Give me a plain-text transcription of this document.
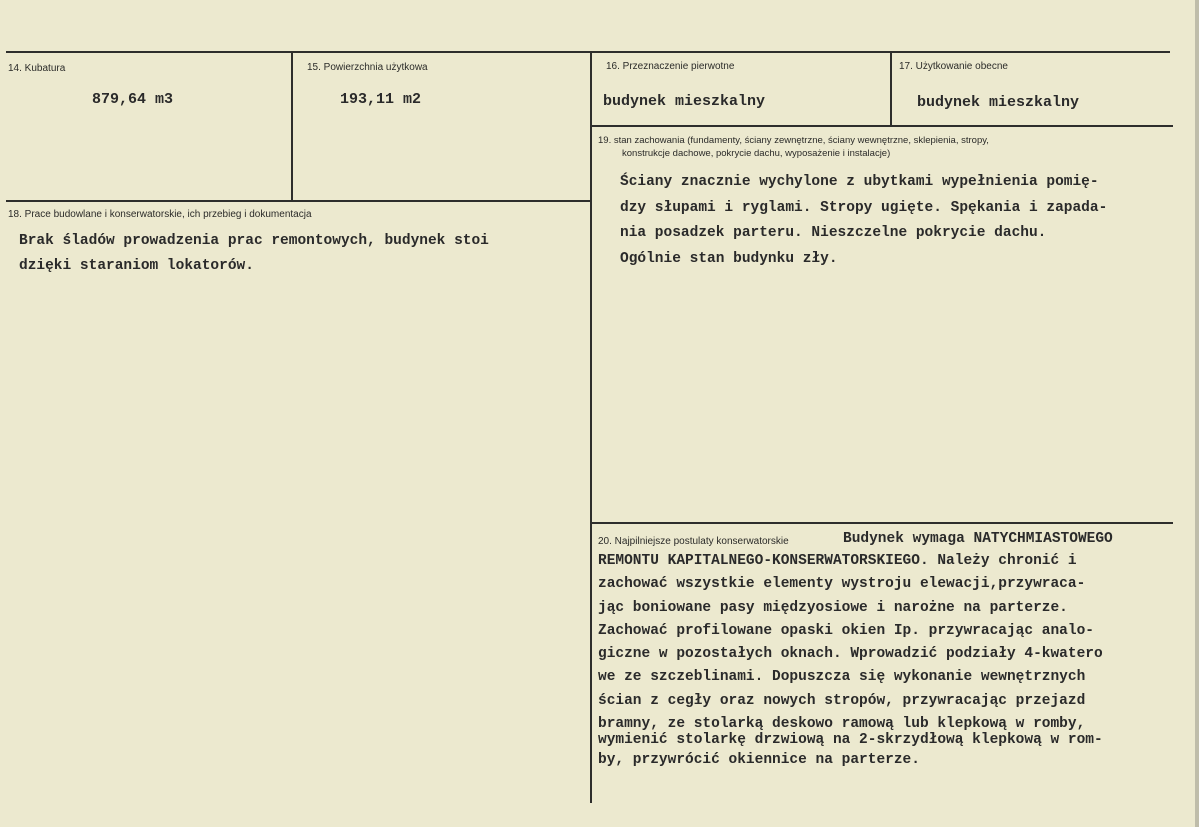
14. Kubatura
879,64 m3
15. Powierzchnia użytkowa
193,11 m2
16. Przeznaczenie pierwotne
budynek mieszkalny
17. Użytkowanie obecne
budynek mieszkalny
18. Prace budowlane i konserwatorskie, ich przebieg i dokumentacja
Brak śladów prowadzenia prac remontowych, budynek stoi
dzięki staraniom lokatorów.
19. stan zachowania (fundamenty, ściany zewnętrzne, ściany wewnętrzne, sklepienia, stropy,
konstrukcje dachowe, pokrycie dachu, wyposażenie i instalacje)
Ściany znacznie wychylone z ubytkami wypełnienia pomię-
dzy słupami i ryglami. Stropy ugięte. Spękania i zapada-
nia posadzek parteru. Nieszczelne pokrycie dachu.
Ogólnie stan budynku zły.
20. Najpilniejsze postulaty konserwatorskie	Budynek wymaga NATYCHMIASTOWEGO
REMONTU KAPITALNEGO-KONSERWATORSKIEGO. Należy chronić i
zachować wszystkie elementy wystroju elewacji,przywraca-
jąc boniowane pasy międzyosiowe i narożne na parterze.
Zachować profilowane opaski okien Ip. przywracając analo-
giczne w pozostałych oknach. Wprowadzić podziały 4-kwatero
we ze szczeblinami. Dopuszcza się wykonanie wewnętrznych
ścian z cegły oraz nowych stropów, przywracając przejazd
bramny, ze stolarką deskowo ramową lub klepkową w romby,
wymienić stolarkę drzwiową na 2-skrzydłową klepkową w rom-
by, przywrócić okiennice na parterze.
